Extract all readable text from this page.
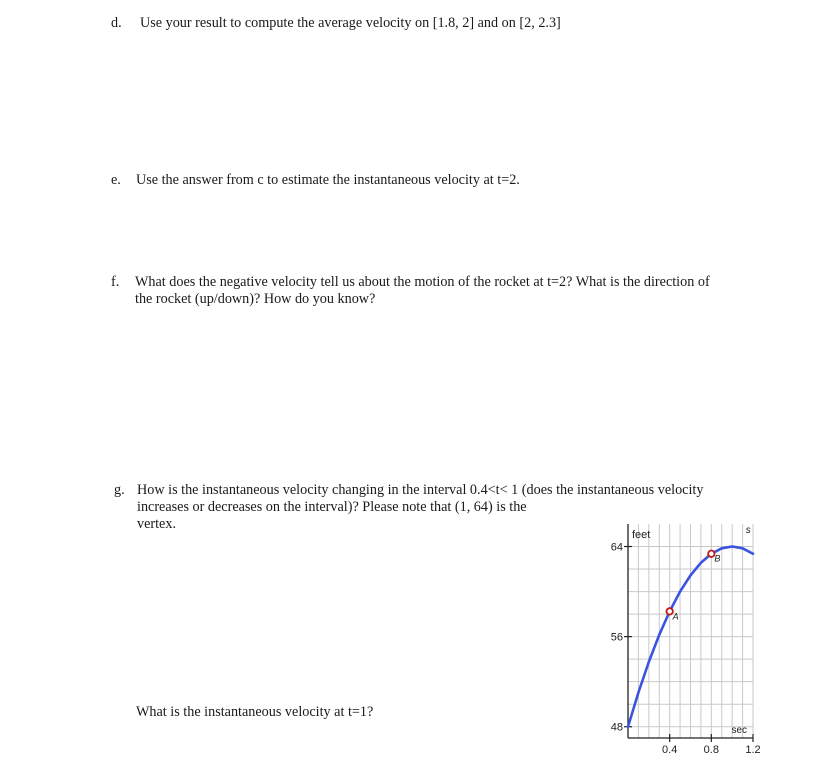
d. Use your result to compute the average velocity on [1.8, 2] and on [2, 2.3]
e. Use the answer from c to estimate the instantaneous velocity at t=2.
f. What does the negative velocity tell us about the motion of the rocket at t=2? What is the direction of
the rocket (up/down)? How do you know?
g. How is the instantaneous velocity changing in the interval 0.4<t< 1 (does the instantaneous velocity
increases or decreases on the interval)? Please note that (1, 64) is the
vertex.
What is the instantaneous velocity at t=1?
48
56
64
0.4 0.8 1.2
feet
sec
s
A
B
